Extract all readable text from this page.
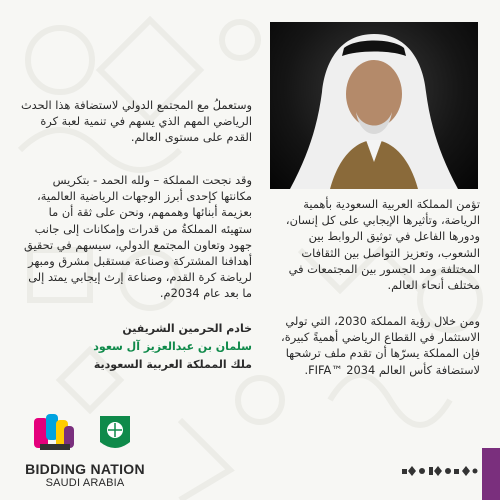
تؤمن المملكة العربية السعودية بأهمية الرياضة، وتأثيرها الإيجابي على كل إنسان، ودورها الفاعل في توثيق الروابط بين الشعوب، وتعزيز التواصل بين الثقافات المختلفة ومد الجسور بين المجتمعات في مختلف أنحاء العالم.

ومن خلال رؤية المملكة 2030، التي تولي الاستثمار في القطاع الرياضي أهميةً كبيرة، فإن المملكة يسرّها أن تقدم ملف ترشحها لاستضافة كأس العالم FIFA™ 2034.

وستعملُ مع المجتمع الدولي لاستضافة هذا الحدث الرياضي المهم الذي يسهم في تنمية لعبة كرة القدم على مستوى العالم.

وقد نجحت المملكة – ولله الحمد - بتكريس مكانتها كإحدى أبرز الوجهات الرياضية العالمية، بعزيمة أبنائها وهممهم، ونحن على ثقة أن ما ستهيئه المملكةُ من قدرات وإمكانات إلى جانب جهود وتعاون المجتمع الدولي، سيسهم في تحقيق أهدافنا المشتركة وصناعة مستقبل مشرق ومبهر لرياضة كرة القدم، وصناعة إرث إيجابي يمتد إلى ما بعد عام 2034م.

خادم الحرمين الشريفين
سلمان بن عبدالعزيز آل سعود
ملك المملكة العربية السعودية
BIDDING NATION
SAUDI ARABIA
